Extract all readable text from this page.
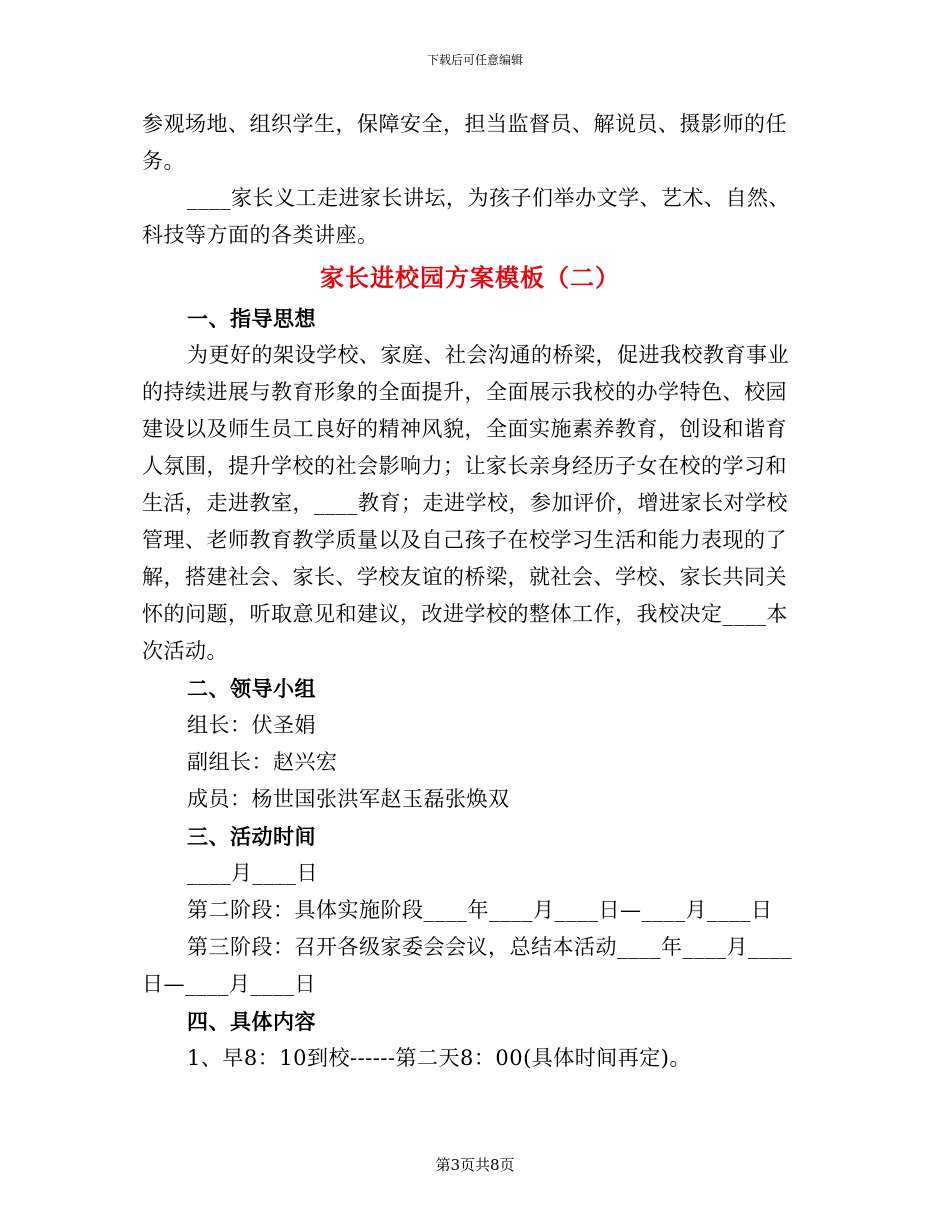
下载后可任意编辑

参观场地、组织学生，保障安全，担当监督员、解说员、摄影师的任务。

____家长义工走进家长讲坛，为孩子们举办文学、艺术、自然、科技等方面的各类讲座。

家长进校园方案模板（二）

一、指导思想

为更好的架设学校、家庭、社会沟通的桥梁，促进我校教育事业的持续进展与教育形象的全面提升，全面展示我校的办学特色、校园建设以及师生员工良好的精神风貌，全面实施素养教育，创设和谐育人氛围，提升学校的社会影响力；让家长亲身经历子女在校的学习和生活，走进教室，____教育；走进学校，参加评价，增进家长对学校管理、老师教育教学质量以及自己孩子在校学习生活和能力表现的了解，搭建社会、家长、学校友谊的桥梁，就社会、学校、家长共同关怀的问题，听取意见和建议，改进学校的整体工作，我校决定____本次活动。

二、领导小组

组长：伏圣娟

副组长：赵兴宏

成员：杨世国张洪军赵玉磊张焕双

三、活动时间

____月____日

第二阶段：具体实施阶段____年____月____日—____月____日

第三阶段：召开各级家委会会议，总结本活动____年____月____日—____月____日

四、具体内容

1、早8：10到校------第二天8：00(具体时间再定)。

第3页共8页
